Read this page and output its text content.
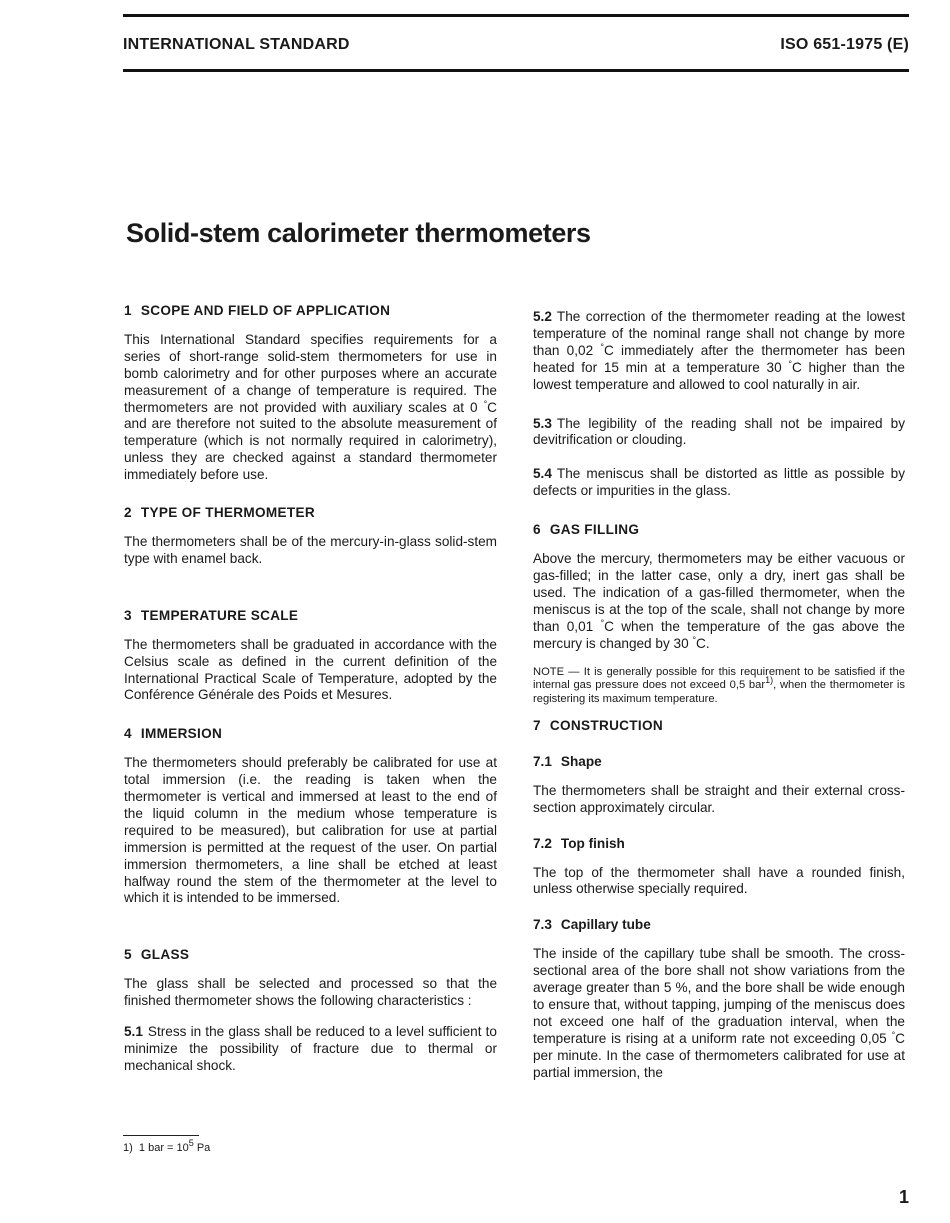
INTERNATIONAL STANDARD	ISO 651-1975 (E)
Solid-stem calorimeter thermometers
1 SCOPE AND FIELD OF APPLICATION

This International Standard specifies requirements for a series of short-range solid-stem thermometers for use in bomb calorimetry and for other purposes where an accurate measurement of a change of temperature is required. The thermometers are not provided with auxiliary scales at 0 °C and are therefore not suited to the absolute measurement of temperature (which is not normally required in calorimetry), unless they are checked against a standard thermometer immediately before use.

2 TYPE OF THERMOMETER

The thermometers shall be of the mercury-in-glass solid-stem type with enamel back.

3 TEMPERATURE SCALE

The thermometers shall be graduated in accordance with the Celsius scale as defined in the current definition of the International Practical Scale of Temperature, adopted by the Conférence Générale des Poids et Mesures.

4 IMMERSION

The thermometers should preferably be calibrated for use at total immersion (i.e. the reading is taken when the thermometer is vertical and immersed at least to the end of the liquid column in the medium whose temperature is required to be measured), but calibration for use at partial immersion is permitted at the request of the user. On partial immersion thermometers, a line shall be etched at least halfway round the stem of the thermometer at the level to which it is intended to be immersed.

5 GLASS

The glass shall be selected and processed so that the finished thermometer shows the following characteristics :

5.1 Stress in the glass shall be reduced to a level sufficient to minimize the possibility of fracture due to thermal or mechanical shock.

5.2 The correction of the thermometer reading at the lowest temperature of the nominal range shall not change by more than 0,02 °C immediately after the thermometer has been heated for 15 min at a temperature 30 °C higher than the lowest temperature and allowed to cool naturally in air.

5.3 The legibility of the reading shall not be impaired by devitrification or clouding.

5.4 The meniscus shall be distorted as little as possible by defects or impurities in the glass.

6 GAS FILLING

Above the mercury, thermometers may be either vacuous or gas-filled; in the latter case, only a dry, inert gas shall be used. The indication of a gas-filled thermometer, when the meniscus is at the top of the scale, shall not change by more than 0,01 °C when the temperature of the gas above the mercury is changed by 30 °C.

NOTE — It is generally possible for this requirement to be satisfied if the internal gas pressure does not exceed 0,5 bar$^{1)}$, when the thermometer is registering its maximum temperature.

7 CONSTRUCTION
7.1 Shape

The thermometers shall be straight and their external cross-section approximately circular.

7.2 Top finish

The top of the thermometer shall have a rounded finish, unless otherwise specially required.

7.3 Capillary tube

The inside of the capillary tube shall be smooth. The cross-sectional area of the bore shall not show variations from the average greater than 5 %, and the bore shall be wide enough to ensure that, without tapping, jumping of the meniscus does not exceed one half of the graduation interval, when the temperature is rising at a uniform rate not exceeding 0,05 °C per minute. In the case of thermometers calibrated for use at partial immersion, the

1) 1 bar = $10^5$ Pa
1
